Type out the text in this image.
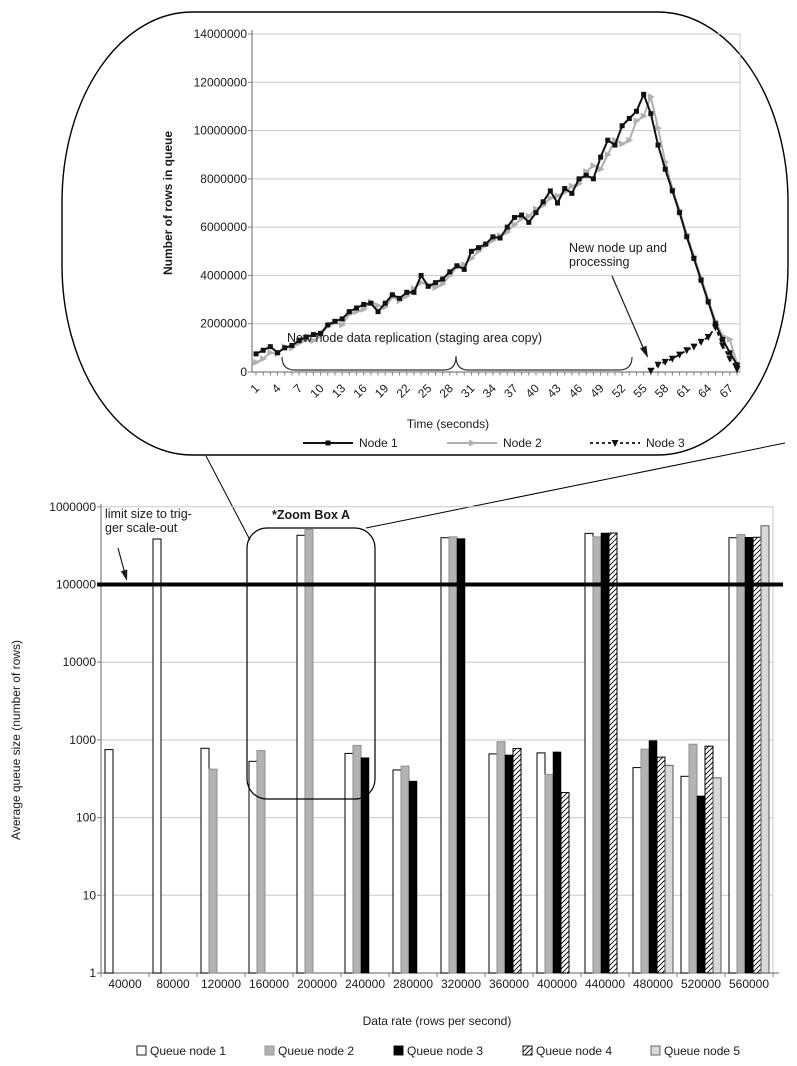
0
2000000
4000000
6000000
8000000
10000000
12000000
14000000
1 4 7 10 13 16 19 22 25 28 31 34 37 40 43 46 49 52 55 58 61 64 67
Number of rows in queue
Time (seconds)
Node 1	Node 2	Node 3
1
10
100
1000
10000
100000
1000000
40000 80000 120000 160000 200000 240000 280000 320000 360000 400000 440000 480000 520000 560000
Average queue size (number of rows)
Data rate (rows per second)
Queue node 1	Queue node 2	Queue node 3	Queue node 4	Queue node 5
New node data replication (staging area copy)
New node up and
processing
limit size to trig-
ger scale-out
*Zoom Box A
